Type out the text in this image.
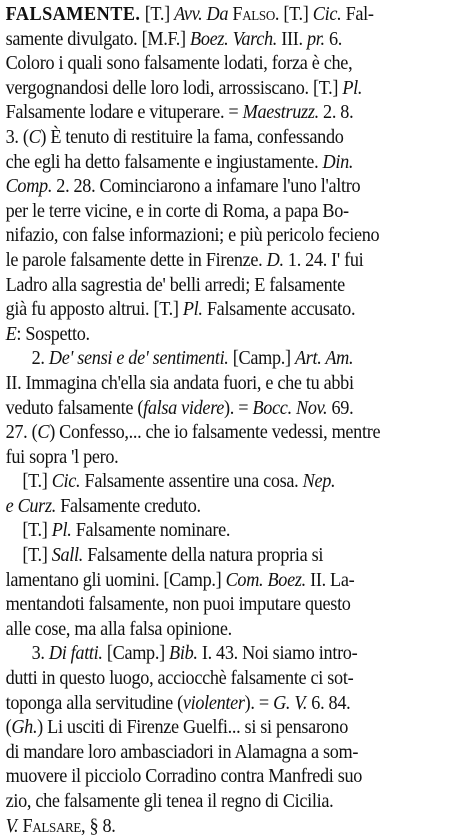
FALSAMENTE. [T.] Avv. Da Falso. [T.] Cic. Fal-
samente divulgato. [M.F.] Boez. Varch. III. pr. 6.
Coloro i quali sono falsamente lodati, forza è che,
vergognandosi delle loro lodi, arrossiscano. [T.] Pl.
Falsamente lodare e vituperare. = Maestruzz. 2. 8.
3. (C) È tenuto di restituire la fama, confessando
che egli ha detto falsamente e ingiustamente. Din.
Comp. 2. 28. Cominciarono a infamare l'uno l'altro
per le terre vicine, e in corte di Roma, a papa Bo-
nifazio, con false informazioni; e più pericolo fecieno
le parole falsamente dette in Firenze. D. 1. 24. I' fui
Ladro alla sagrestia de' belli arredi; E falsamente
già fu apposto altrui. [T.] Pl. Falsamente accusato.
E: Sospetto.
2. De' sensi e de' sentimenti. [Camp.] Art. Am.
II. Immagina ch'ella sia andata fuori, e che tu abbi
veduto falsamente (falsa videre). = Bocc. Nov. 69.
27. (C) Confesso,... che io falsamente vedessi, mentre
fui sopra 'l pero.
[T.] Cic. Falsamente assentire una cosa. Nep.
e Curz. Falsamente creduto.
[T.] Pl. Falsamente nominare.
[T.] Sall. Falsamente della natura propria si
lamentano gli uomini. [Camp.] Com. Boez. II. La-
mentandoti falsamente, non puoi imputare questo
alle cose, ma alla falsa opinione.
3. Di fatti. [Camp.] Bib. I. 43. Noi siamo intro-
dutti in questo luogo, acciocchè falsamente ci sot-
toponga alla servitudine (violenter). = G. V. 6. 84.
(Gh.) Li usciti di Firenze Guelfi... si si pensarono
di mandare loro ambasciadori in Alamagna a som-
muovere il picciolo Corradino contra Manfredi suo
zio, che falsamente gli tenea il regno di Cicilia.
V. Falsare, § 8.
